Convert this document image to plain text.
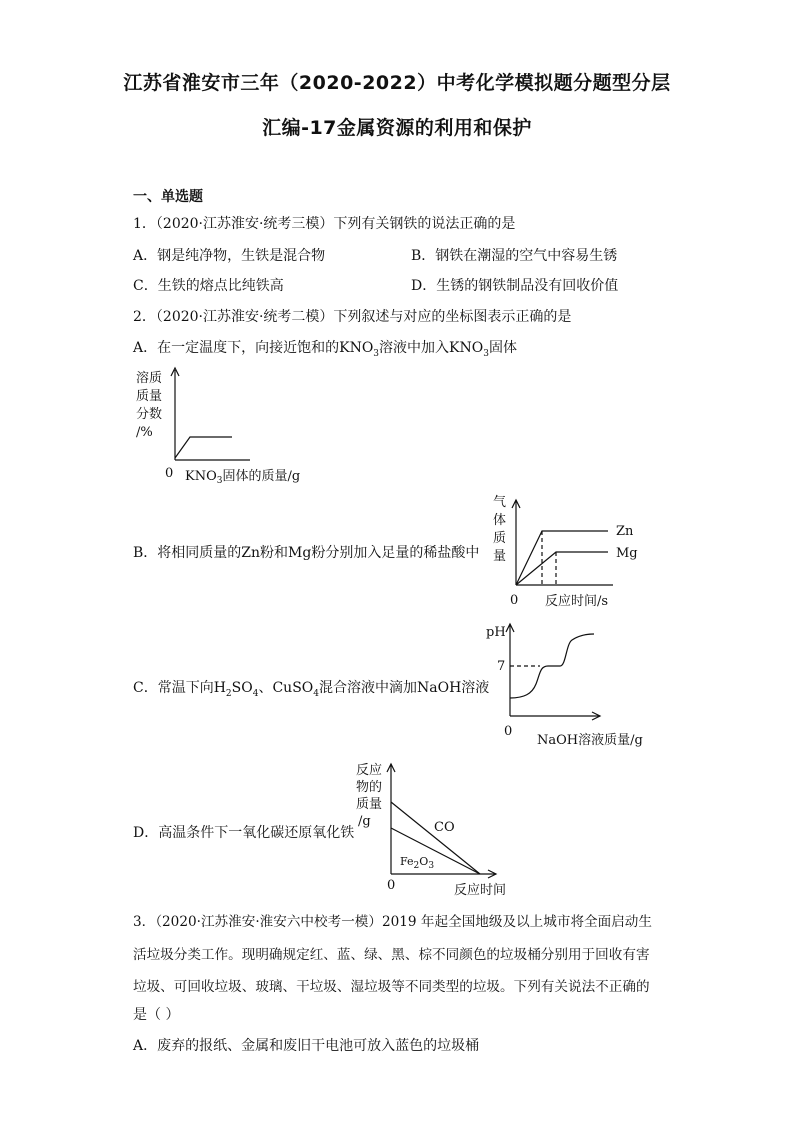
江苏省淮安市三年（2020-2022）中考化学模拟题分题型分层
汇编-17金属资源的利用和保护
一、单选题
1．（2020·江苏淮安·统考三模）下列有关钢铁的说法正确的是
A．钢是纯净物，生铁是混合物	B．钢铁在潮湿的空气中容易生锈
C．生铁的熔点比纯铁高	D．生锈的钢铁制品没有回收价值
2．（2020·江苏淮安·统考二模）下列叙述与对应的坐标图表示正确的是
A．在一定温度下，向接近饱和的$KNO_3$溶液中加入$KNO_3$固体
溶质
质量
分数
/%
0 $KNO_3$固体的质量/g
B．将相同质量的Zn粉和Mg粉分别加入足量的稀盐酸中
气
体
质
量
Zn
Mg
0 反应时间/s
C．常温下向$H_2SO_4$、CuSO$_4$混合溶液中滴加NaOH溶液
pH
7
0
NaOH溶液质量/g
D．高温条件下一氧化碳还原氧化铁
反应
物的
质量
/g	CO
$Fe_2O_3$
0	反应时间
3．（2020·江苏淮安·淮安六中校考一模）2019 年起全国地级及以上城市将全面启动生
活垃圾分类工作。现明确规定红、蓝、绿、黑、棕不同颜色的垃圾桶分别用于回收有害
垃圾、可回收垃圾、玻璃、干垃圾、湿垃圾等不同类型的垃圾。下列有关说法不正确的
是（ ）
A．废弃的报纸、金属和废旧干电池可放入蓝色的垃圾桶
